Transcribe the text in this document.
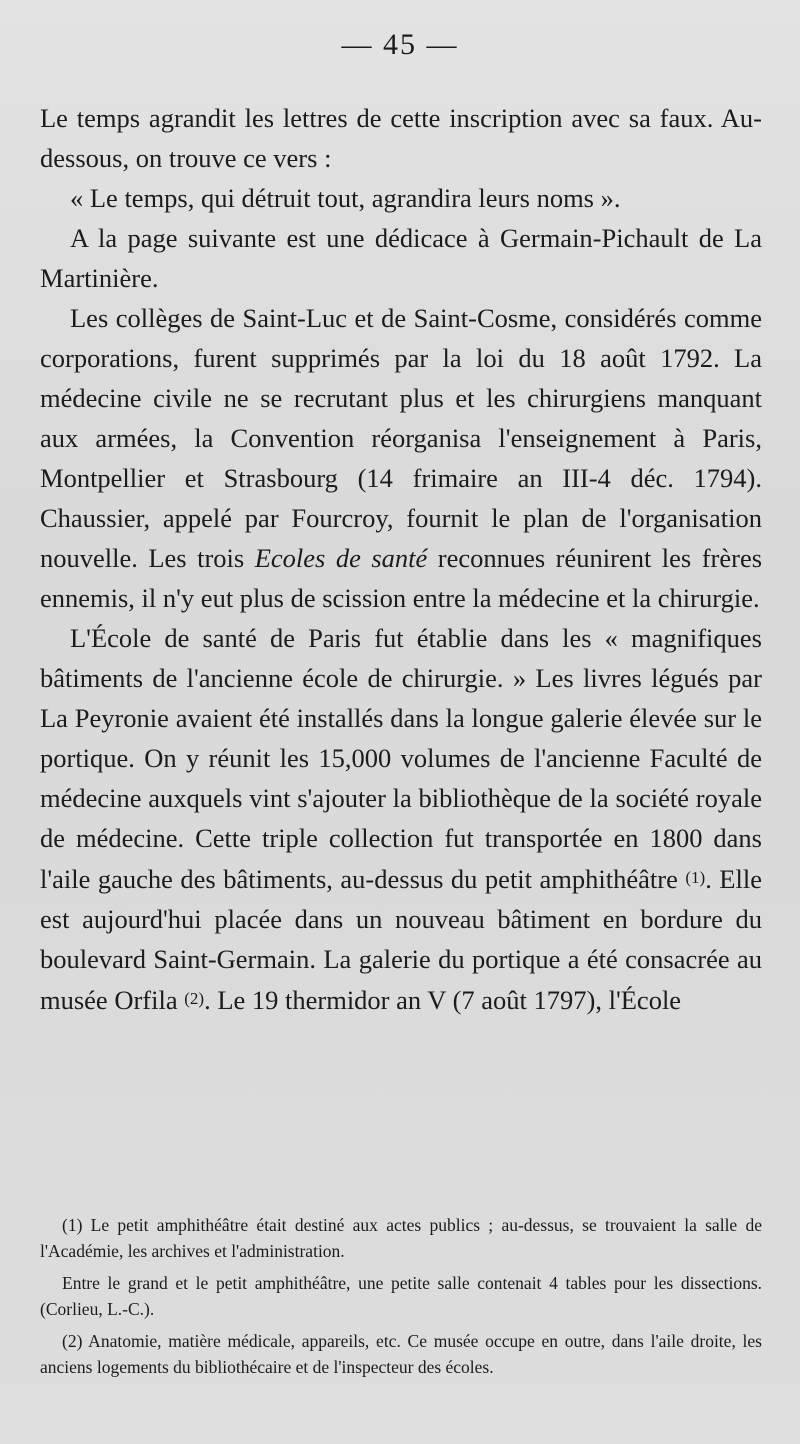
— 45 —

Le temps agrandit les lettres de cette inscription avec sa faux. Au-dessous, on trouve ce vers :

« Le temps, qui détruit tout, agrandira leurs noms ».

A la page suivante est une dédicace à Germain-Pichault de La Martinière.

Les collèges de Saint-Luc et de Saint-Cosme, considérés comme corporations, furent supprimés par la loi du 18 août 1792. La médecine civile ne se recrutant plus et les chirurgiens manquant aux armées, la Convention réorganisa l'enseignement à Paris, Montpellier et Strasbourg (14 frimaire an III-4 déc. 1794). Chaussier, appelé par Fourcroy, fournit le plan de l'organisation nouvelle. Les trois Ecoles de santé reconnues réunirent les frères ennemis, il n'y eut plus de scission entre la médecine et la chirurgie.

L'École de santé de Paris fut établie dans les « magnifiques bâtiments de l'ancienne école de chirurgie. » Les livres légués par La Peyronie avaient été installés dans la longue galerie élevée sur le portique. On y réunit les 15,000 volumes de l'ancienne Faculté de médecine auxquels vint s'ajouter la bibliothèque de la société royale de médecine. Cette triple collection fut transportée en 1800 dans l'aile gauche des bâtiments, au-dessus du petit amphithéâtre (1). Elle est aujourd'hui placée dans un nouveau bâtiment en bordure du boulevard Saint-Germain. La galerie du portique a été consacrée au musée Orfila (2). Le 19 thermidor an V (7 août 1797), l'École

(1) Le petit amphithéâtre était destiné aux actes publics ; au-dessus, se trouvaient la salle de l'Académie, les archives et l'administration.

Entre le grand et le petit amphithéâtre, une petite salle contenait 4 tables pour les dissections. (Corlieu, L.-C.).

(2) Anatomie, matière médicale, appareils, etc. Ce musée occupe en outre, dans l'aile droite, les anciens logements du bibliothécaire et de l'inspecteur des écoles.
